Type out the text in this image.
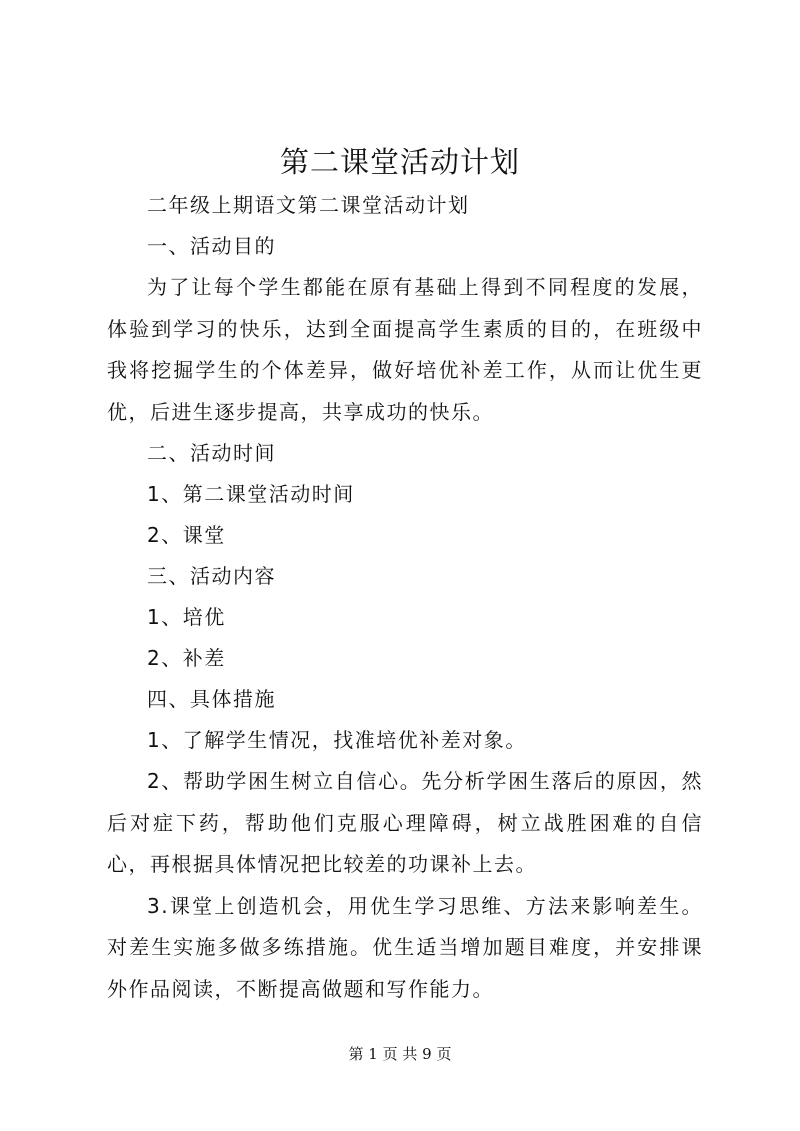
第二课堂活动计划

二年级上期语文第二课堂活动计划

一、活动目的

为了让每个学生都能在原有基础上得到不同程度的发展，体验到学习的快乐，达到全面提高学生素质的目的，在班级中我将挖掘学生的个体差异，做好培优补差工作，从而让优生更优，后进生逐步提高，共享成功的快乐。

二、活动时间

1、第二课堂活动时间

2、课堂

三、活动内容

1、培优

2、补差

四、具体措施

1、了解学生情况，找准培优补差对象。

2、帮助学困生树立自信心。先分析学困生落后的原因，然后对症下药，帮助他们克服心理障碍，树立战胜困难的自信心，再根据具体情况把比较差的功课补上去。

3.课堂上创造机会，用优生学习思维、方法来影响差生。对差生实施多做多练措施。优生适当增加题目难度，并安排课外作品阅读，不断提高做题和写作能力。

第 1 页 共 9 页
